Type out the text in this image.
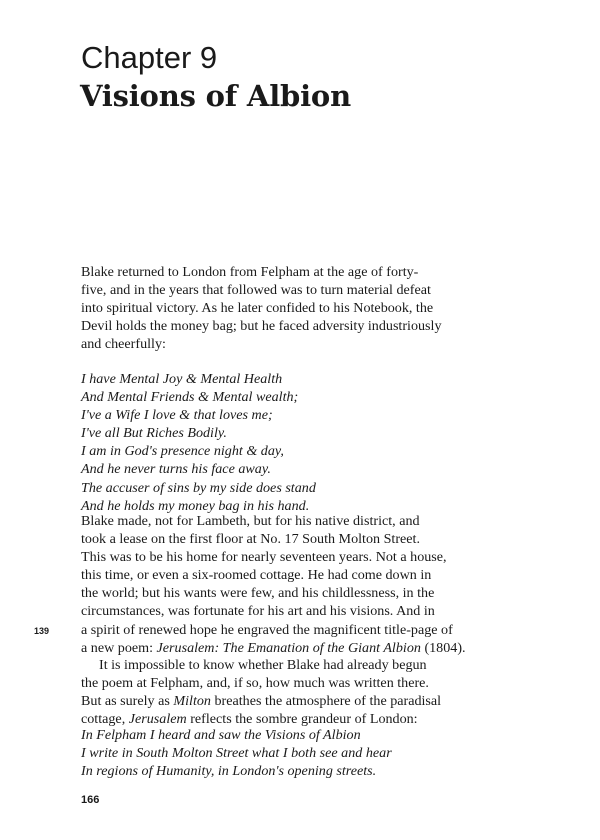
Chapter 9
Visions of Albion
Blake returned to London from Felpham at the age of forty-
five, and in the years that followed was to turn material defeat
into spiritual victory. As he later confided to his Notebook, the
Devil holds the money bag; but he faced adversity industriously
and cheerfully:
I have Mental Joy & Mental Health
And Mental Friends & Mental wealth;
I've a Wife I love & that loves me;
I've all But Riches Bodily.
I am in God's presence night & day,
And he never turns his face away.
The accuser of sins by my side does stand
And he holds my money bag in his hand.
Blake made, not for Lambeth, but for his native district, and
took a lease on the first floor at No. 17 South Molton Street.
This was to be his home for nearly seventeen years. Not a house,
this time, or even a six-roomed cottage. He had come down in
the world; but his wants were few, and his childlessness, in the
circumstances, was fortunate for his art and his visions. And in
a spirit of renewed hope he engraved the magnificent title-page of
a new poem: Jerusalem: The Emanation of the Giant Albion (1804).
It is impossible to know whether Blake had already begun
the poem at Felpham, and, if so, how much was written there.
But as surely as Milton breathes the atmosphere of the paradisal
cottage, Jerusalem reflects the sombre grandeur of London:
In Felpham I heard and saw the Visions of Albion
I write in South Molton Street what I both see and hear
In regions of Humanity, in London's opening streets.
139
166
